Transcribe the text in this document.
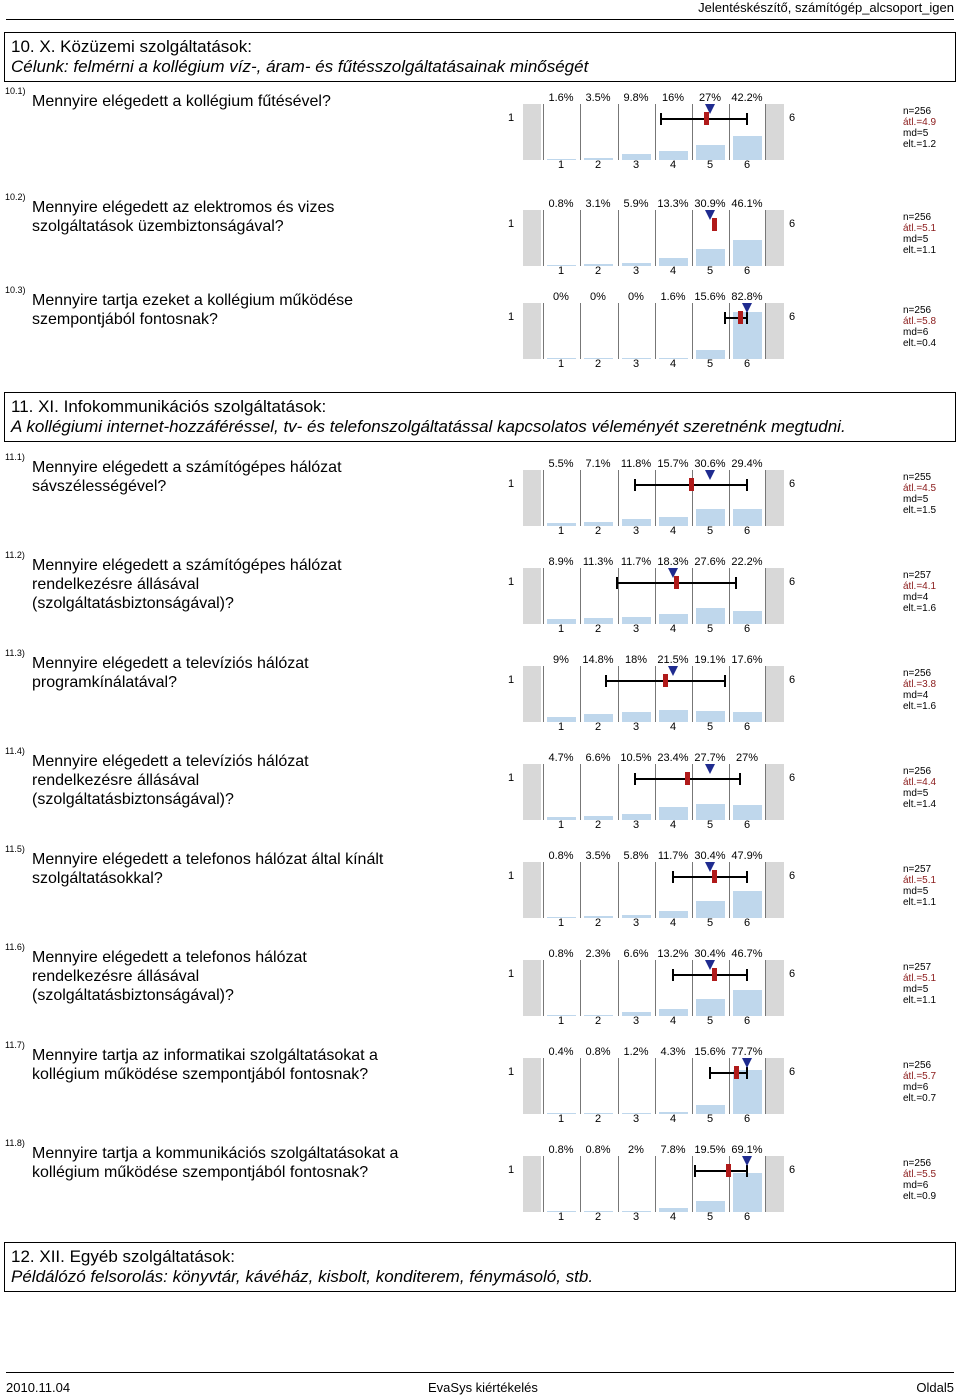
Jelentéskészítő, számítógép_alcsoport_igen
10. X. Közüzemi szolgáltatások:
Célunk: felmérni a kollégium víz-, áram- és fűtésszolgáltatásainak minőségét
11. XI. Infokommunikációs szolgáltatások:
A kollégiumi internet-hozzáféréssel, tv- és telefonszolgáltatással kapcsolatos véleményét szeretnénk megtudni.
12. XII. Egyéb szolgáltatások:
Példálózó felsorolás: könyvtár, kávéház, kisbolt, konditerem, fénymásoló, stb.
10.1)
Mennyire elégedett a kollégium fűtésével?
1	6
1.6%
1
3.5%
2
9.8%
3
16%
4
27%
5
42.2%
6
n=256
átl.=4.9
md=5
elt.=1.2
10.2)
Mennyire elégedett az elektromos és vizes szolgáltatások üzembiztonságával?	1	6
0.8%
1
3.1%
2
5.9%
3
13.3%
4
30.9%
5
46.1%
6
n=256
átl.=5.1
md=5
elt.=1.1
10.3)
Mennyire tartja ezeket a kollégium működése szempontjából fontosnak?	1	6
0%
1
0%
2
0%
3
1.6%
4
15.6%
5
82.8%
6
n=256
átl.=5.8
md=6
elt.=0.4
11.1)
Mennyire elégedett a számítógépes hálózat sávszélességével?	1	6
5.5%
1
7.1%
2
11.8%
3
15.7%
4
30.6%
5
29.4%
6
n=255
átl.=4.5
md=5
elt.=1.5
11.2)
Mennyire elégedett a számítógépes hálózat rendelkezésre állásával (szolgáltatásbiztonságával)?
1	6
8.9%
1
11.3%
2
11.7%
3
18.3%
4
27.6%
5
22.2%
6
n=257
átl.=4.1
md=4
elt.=1.6
11.3)
Mennyire elégedett a televíziós hálózat programkínálatával?	1	6
9%
1
14.8%
2
18%
3
21.5%
4
19.1%
5
17.6%
6
n=256
átl.=3.8
md=4
elt.=1.6
11.4)
Mennyire elégedett a televíziós hálózat rendelkezésre állásával (szolgáltatásbiztonságával)?
1	6
4.7%
1
6.6%
2
10.5%
3
23.4%
4
27.7%
5
27%
6
n=256
átl.=4.4
md=5
elt.=1.4
11.5)
Mennyire elégedett a telefonos hálózat által kínált szolgáltatásokkal?	1	6
0.8%
1
3.5%
2
5.8%
3
11.7%
4
30.4%
5
47.9%
6
n=257
átl.=5.1
md=5
elt.=1.1
11.6)
Mennyire elégedett a telefonos hálózat rendelkezésre állásával (szolgáltatásbiztonságával)?
1	6
0.8%
1
2.3%
2
6.6%
3
13.2%
4
30.4%
5
46.7%
6
n=257
átl.=5.1
md=5
elt.=1.1
11.7)
Mennyire tartja az informatikai szolgáltatásokat a kollégium működése szempontjából fontosnak?	1	6
0.4%
1
0.8%
2
1.2%
3
4.3%
4
15.6%
5
77.7%
6
n=256
átl.=5.7
md=6
elt.=0.7
11.8)
Mennyire tartja a kommunikációs szolgáltatásokat a kollégium működése szempontjából fontosnak?	1	6
0.8%
1
0.8%
2
2%
3
7.8%
4
19.5%
5
69.1%
6
n=256
átl.=5.5
md=6
elt.=0.9
2010.11.04	EvaSys kiértékelés	Oldal5
